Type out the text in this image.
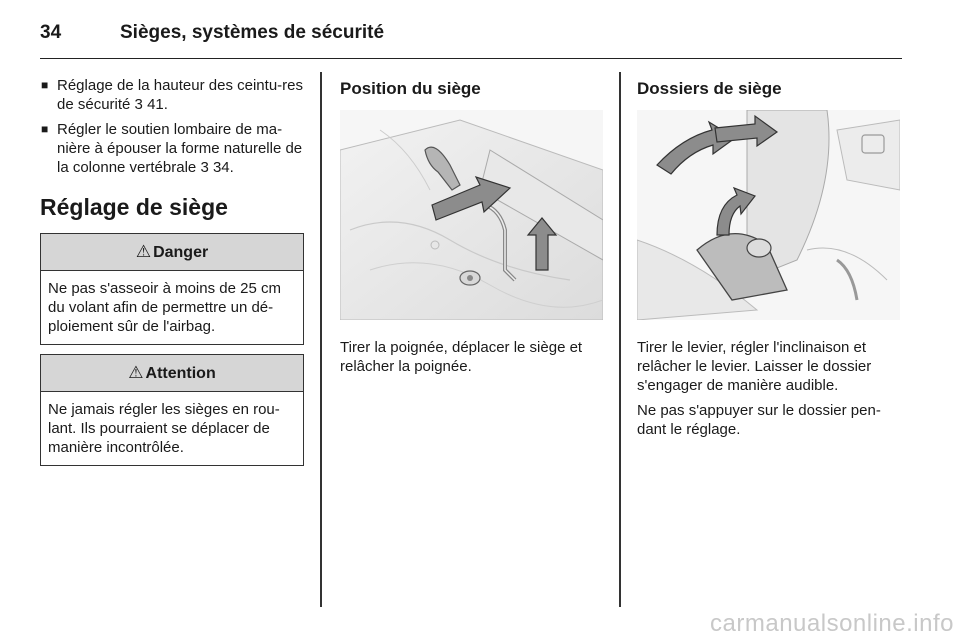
34	Sièges, systèmes de sécurité
■ Réglage de la hauteur des ceintu-res de sécurité 3 41.
■ Régler le soutien lombaire de ma-nière à épouser la forme naturelle de la colonne vertébrale 3 34.
Réglage de siège
⚠ Danger
Ne pas s'asseoir à moins de 25 cm du volant afin de permettre un dé-ploiement sûr de l'airbag.
⚠ Attention
Ne jamais régler les sièges en rou-lant. Ils pourraient se déplacer de manière incontrôlée.
Position du siège

Tirer la poignée, déplacer le siège et relâcher la poignée.

Dossiers de siège

Tirer le levier, régler l'inclinaison et relâcher le levier. Laisser le dossier s'engager de manière audible.

Ne pas s'appuyer sur le dossier pen-dant le réglage.

carmanualsonline.info
